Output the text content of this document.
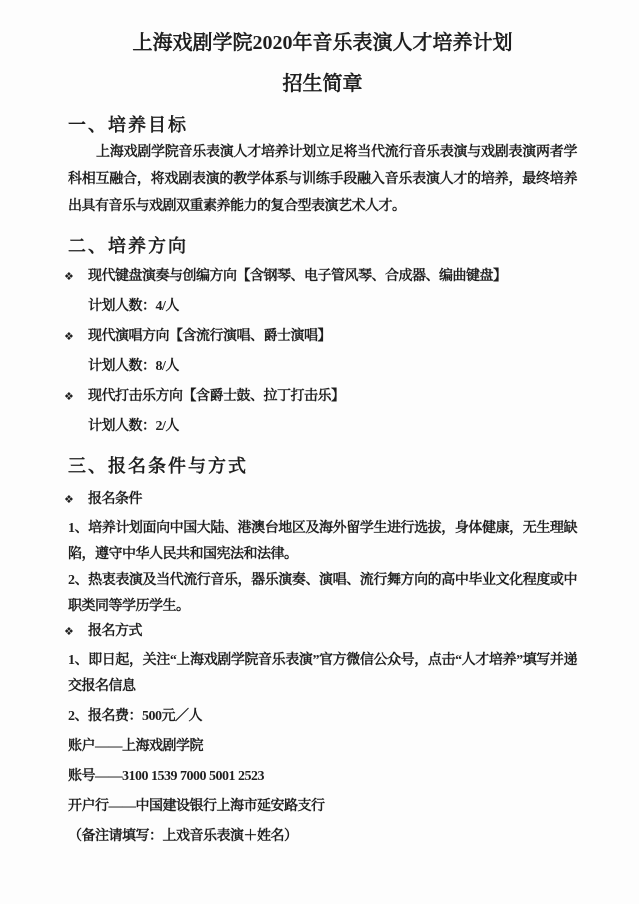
上海戏剧学院2020年音乐表演人才培养计划
招生简章
一、培养目标

上海戏剧学院音乐表演人才培养计划立足将当代流行音乐表演与戏剧表演两者学科相互融合，将戏剧表演的教学体系与训练手段融入音乐表演人才的培养，最终培养出具有音乐与戏剧双重素养能力的复合型表演艺术人才。

二、培养方向
❖	现代键盘演奏与创编方向【含钢琴、电子管风琴、合成器、编曲键盘】
计划人数：4/人
❖	现代演唱方向【含流行演唱、爵士演唱】
计划人数：8/人
❖	现代打击乐方向【含爵士鼓、拉丁打击乐】
计划人数：2/人
三、报名条件与方式
❖	报名条件

1、培养计划面向中国大陆、港澳台地区及海外留学生进行选拔，身体健康，无生理缺陷，遵守中华人民共和国宪法和法律。

2、热衷表演及当代流行音乐，器乐演奏、演唱、流行舞方向的高中毕业文化程度或中职类同等学历学生。

❖	报名方式

1、即日起，关注“上海戏剧学院音乐表演”官方微信公众号，点击“人才培养”填写并递交报名信息

2、报名费：500元／人

账户——上海戏剧学院
账号——3100 1539 7000 5001 2523
开户行——中国建设银行上海市延安路支行
（备注请填写：上戏音乐表演＋姓名）
